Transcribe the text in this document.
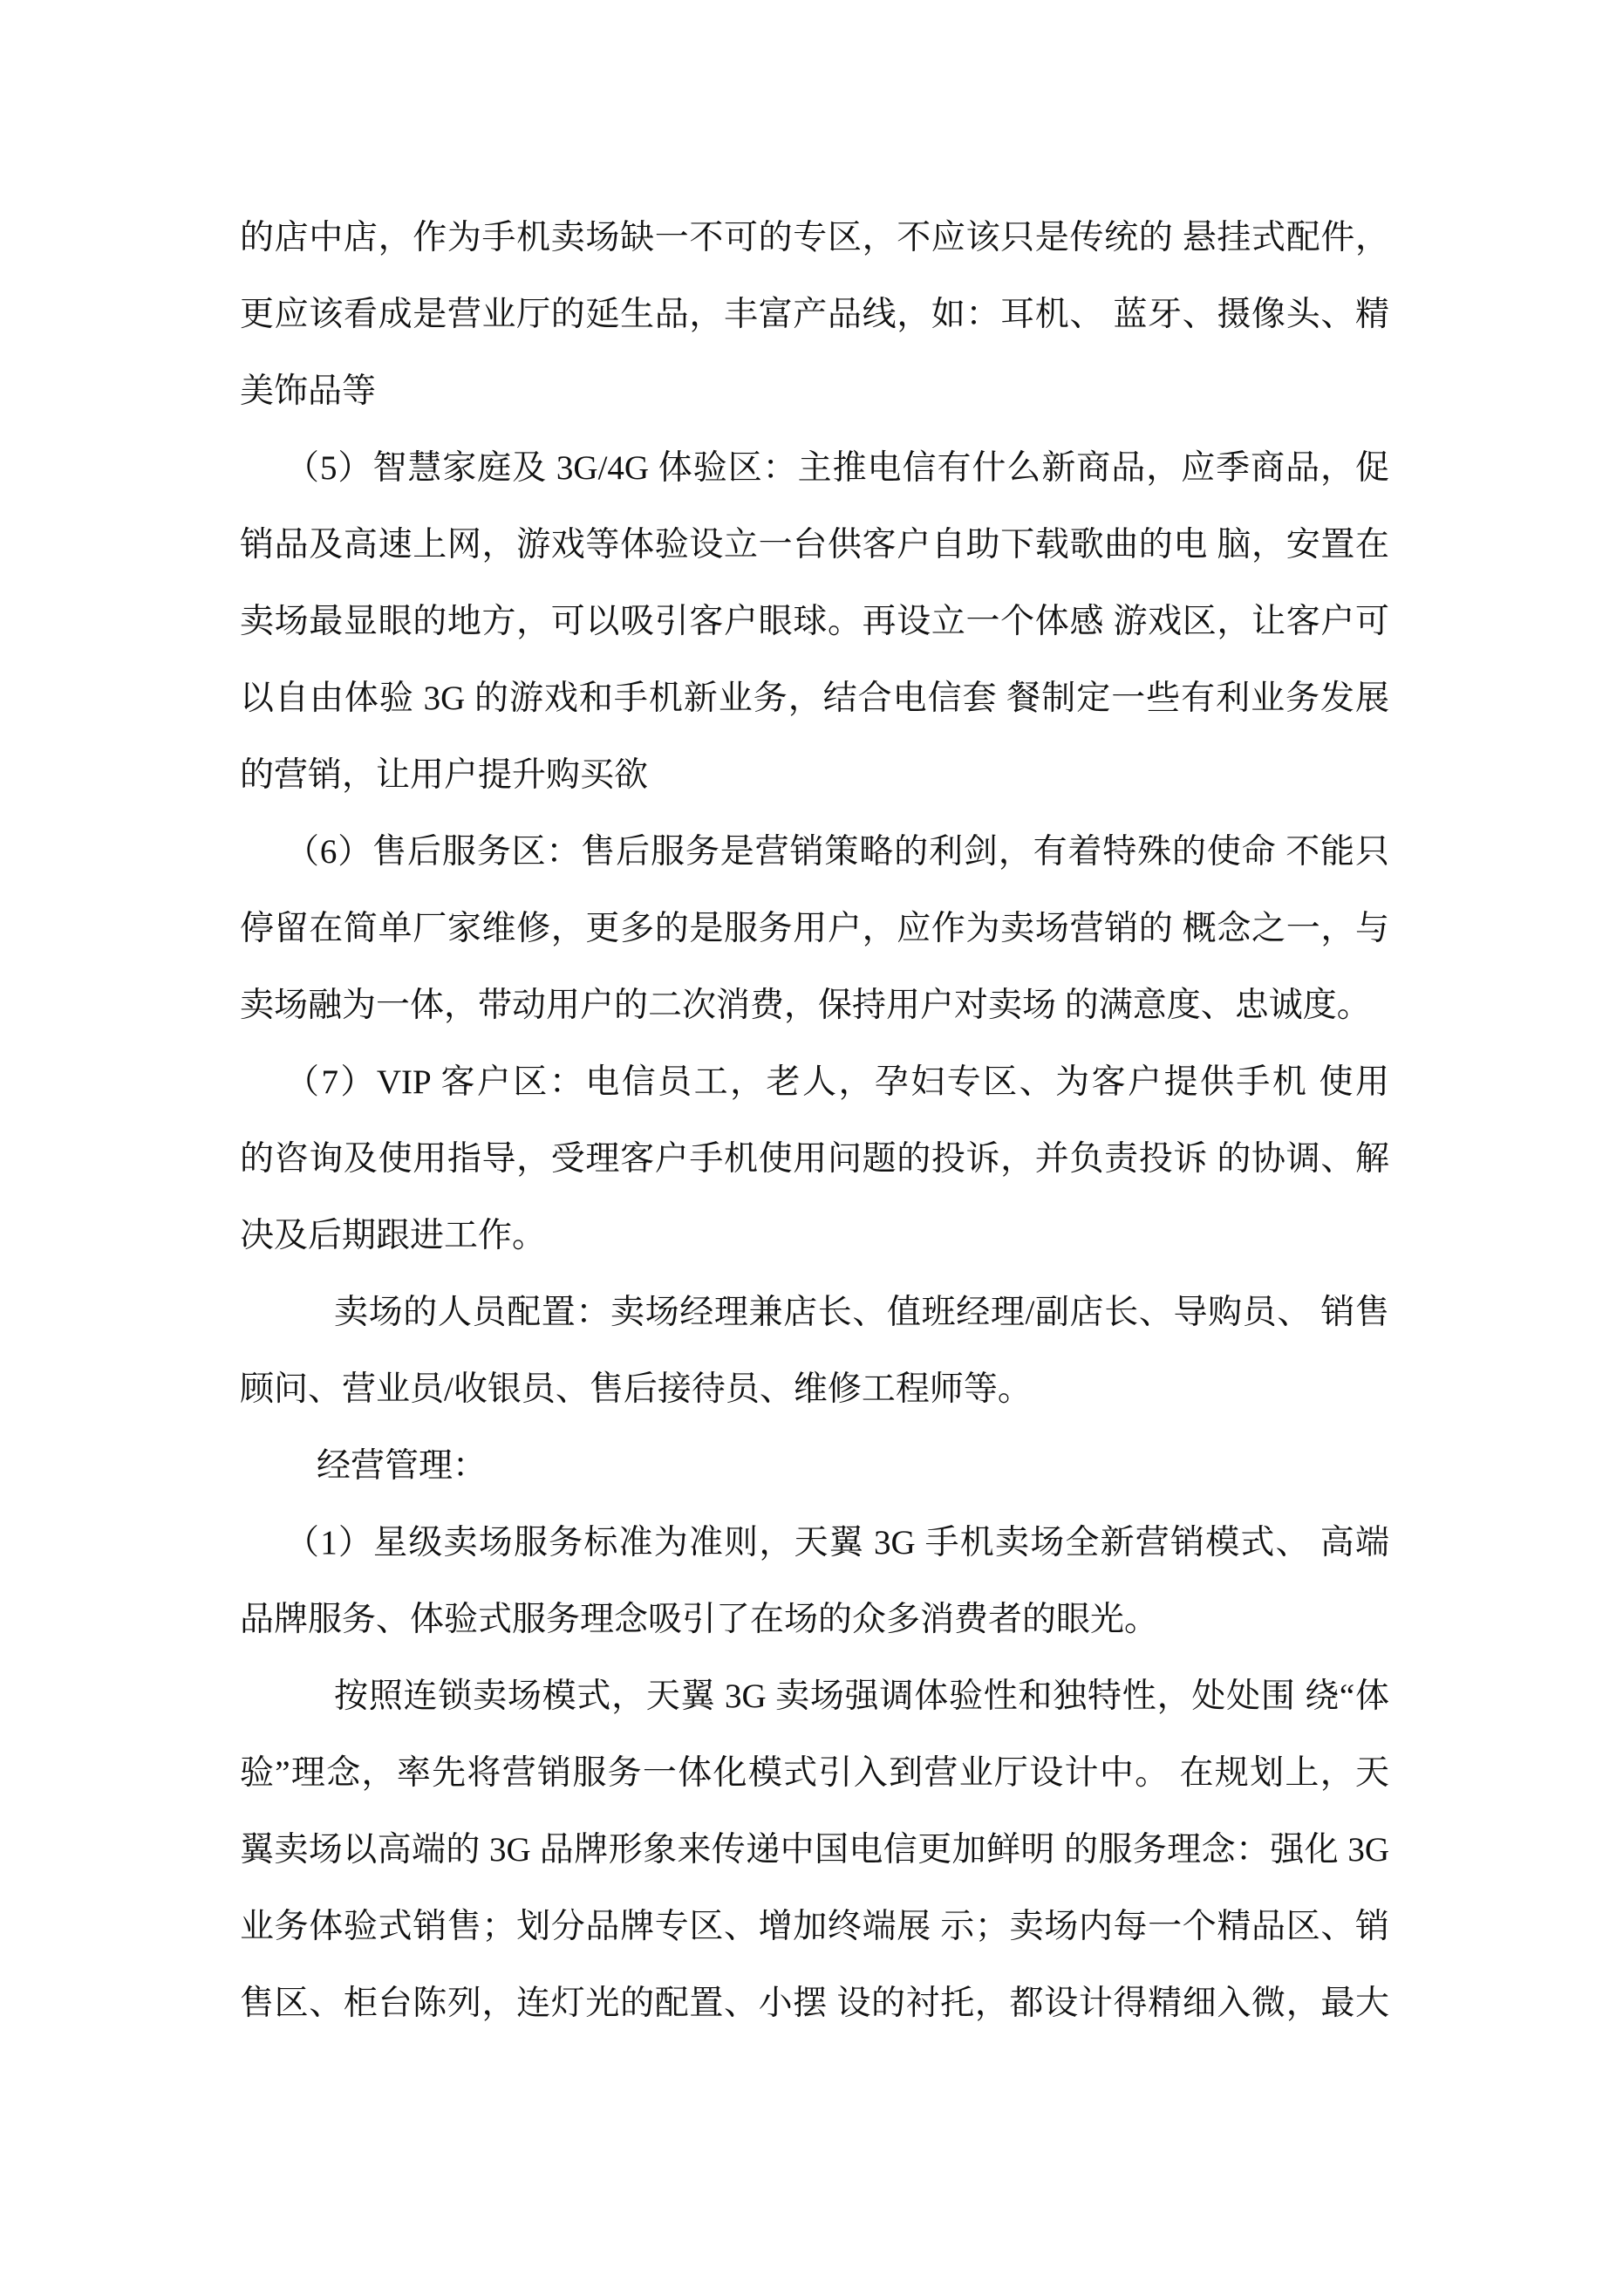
的店中店，作为手机卖场缺一不可的专区，不应该只是传统的 悬挂式配件，
更应该看成是营业厅的延生品，丰富产品线，如：耳机、 蓝牙、摄像头、精
美饰品等
（5）智慧家庭及 3G/4G 体验区：主推电信有什么新商品，应季商品，促
销品及高速上网，游戏等体验设立一台供客户自助下载歌曲的电 脑，安置在
卖场最显眼的地方，可以吸引客户眼球。再设立一个体感 游戏区，让客户可
以自由体验 3G 的游戏和手机新业务，结合电信套 餐制定一些有利业务发展
的营销，让用户提升购买欲
（6）售后服务区：售后服务是营销策略的利剑，有着特殊的使命 不能只
停留在简单厂家维修，更多的是服务用户，应作为卖场营销的 概念之一，与
卖场融为一体，带动用户的二次消费，保持用户对卖场 的满意度、忠诚度。
（7）VIP 客户区：电信员工，老人，孕妇专区、为客户提供手机 使用
的咨询及使用指导，受理客户手机使用问题的投诉，并负责投诉 的协调、解
决及后期跟进工作。
卖场的人员配置：卖场经理兼店长、值班经理/副店长、导购员、 销售
顾问、营业员/收银员、售后接待员、维修工程师等。
经营管理：
（1）星级卖场服务标准为准则，天翼 3G 手机卖场全新营销模式、 高端
品牌服务、体验式服务理念吸引了在场的众多消费者的眼光。
按照连锁卖场模式，天翼 3G 卖场强调体验性和独特性，处处围 绕“体
验”理念，率先将营销服务一体化模式引入到营业厅设计中。 在规划上，天
翼卖场以高端的 3G 品牌形象来传递中国电信更加鲜明 的服务理念：强化 3G
业务体验式销售；划分品牌专区、增加终端展 示；卖场内每一个精品区、销
售区、柜台陈列，连灯光的配置、小摆 设的衬托，都设计得精细入微，最大
